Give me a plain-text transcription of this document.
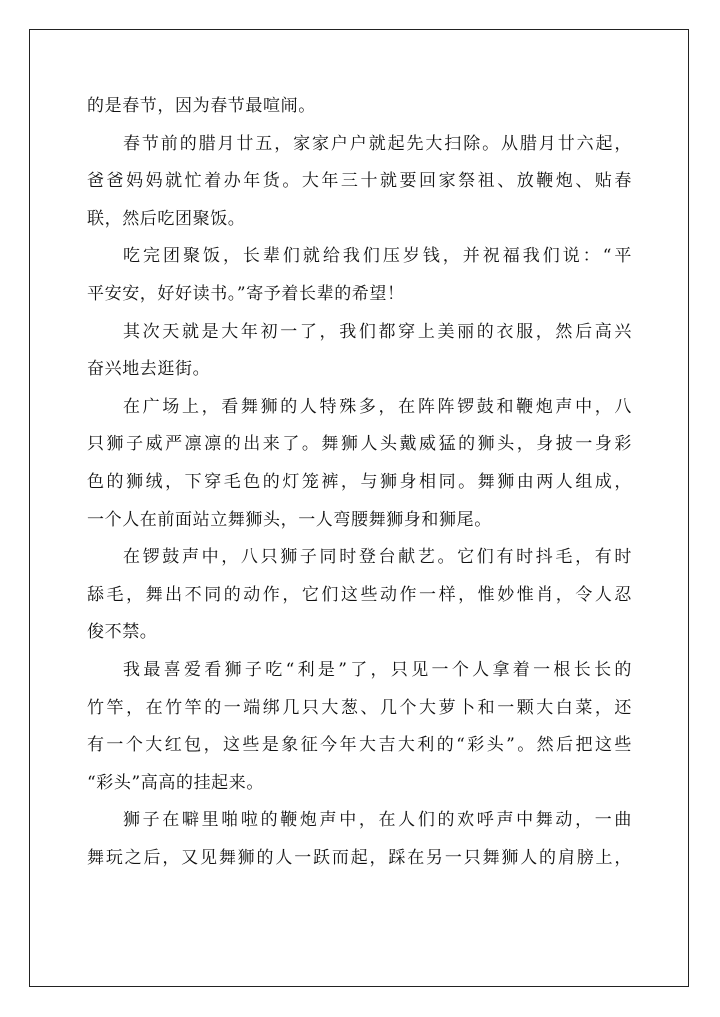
的是春节，因为春节最喧闹。
春节前的腊月廿五，家家户户就起先大扫除。从腊月廿六起，
爸爸妈妈就忙着办年货。大年三十就要回家祭祖、放鞭炮、贴春
联，然后吃团聚饭。
吃完团聚饭，长辈们就给我们压岁钱，并祝福我们说：“平
平安安，好好读书。”寄予着长辈的希望！
其次天就是大年初一了，我们都穿上美丽的衣服，然后高兴
奋兴地去逛街。
在广场上，看舞狮的人特殊多，在阵阵锣鼓和鞭炮声中，八
只狮子威严凛凛的出来了。舞狮人头戴威猛的狮头，身披一身彩
色的狮绒，下穿毛色的灯笼裤，与狮身相同。舞狮由两人组成，
一个人在前面站立舞狮头，一人弯腰舞狮身和狮尾。
在锣鼓声中，八只狮子同时登台献艺。它们有时抖毛，有时
舔毛，舞出不同的动作，它们这些动作一样，惟妙惟肖，令人忍
俊不禁。
我最喜爱看狮子吃“利是”了，只见一个人拿着一根长长的
竹竿，在竹竿的一端绑几只大葱、几个大萝卜和一颗大白菜，还
有一个大红包，这些是象征今年大吉大利的“彩头”。然后把这些
“彩头”高高的挂起来。
狮子在噼里啪啦的鞭炮声中，在人们的欢呼声中舞动，一曲
舞玩之后，又见舞狮的人一跃而起，踩在另一只舞狮人的肩膀上，
